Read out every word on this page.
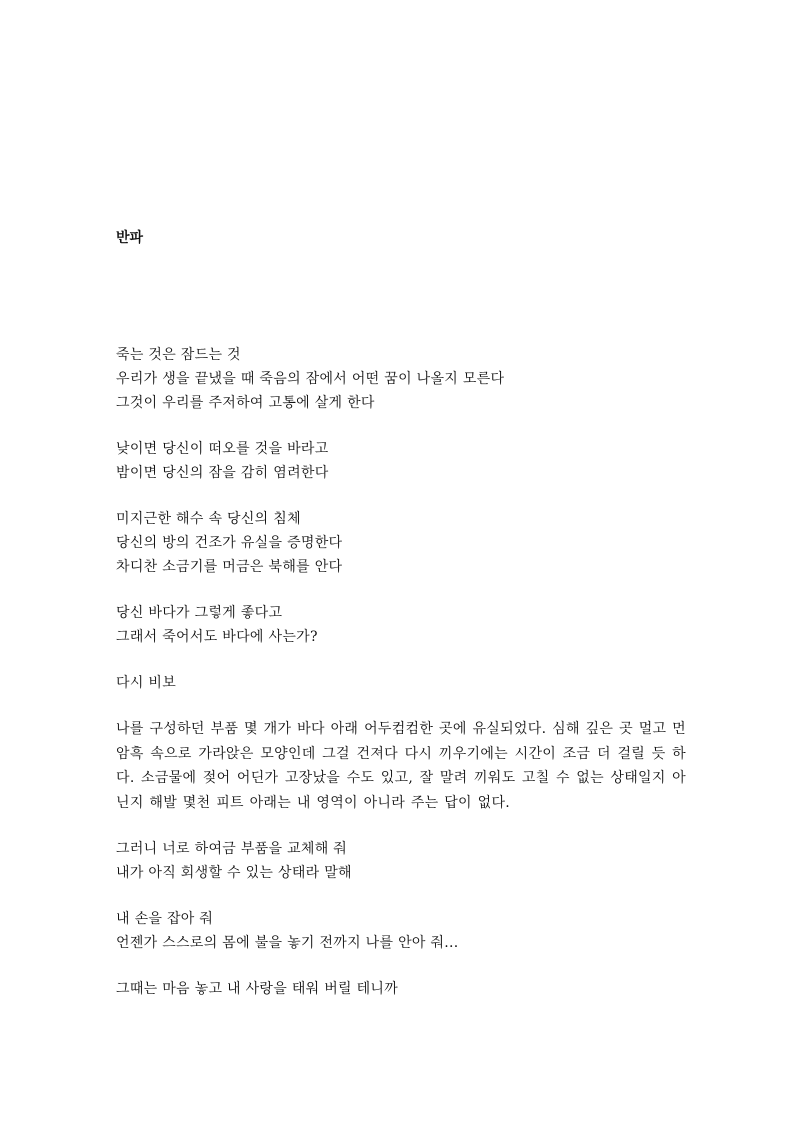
반파
죽는 것은 잠드는 것
우리가 생을 끝냈을 때 죽음의 잠에서 어떤 꿈이 나올지 모른다
그것이 우리를 주저하여 고통에 살게 한다
낮이면 당신이 떠오를 것을 바라고
밤이면 당신의 잠을 감히 염려한다
미지근한 해수 속 당신의 침체
당신의 방의 건조가 유실을 증명한다
차디찬 소금기를 머금은 북해를 안다
당신 바다가 그렇게 좋다고
그래서 죽어서도 바다에 사는가?
다시 비보

나를 구성하던 부품 몇 개가 바다 아래 어두컴컴한 곳에 유실되었다. 심해 깊은 곳 멀고 먼 암흑 속으로 가라앉은 모양인데 그걸 건져다 다시 끼우기에는 시간이 조금 더 걸릴 듯 하다. 소금물에 젖어 어딘가 고장났을 수도 있고, 잘 말려 끼워도 고칠 수 없는 상태일지 아닌지 해발 몇천 피트 아래는 내 영역이 아니라 주는 답이 없다.

그러니 너로 하여금 부품을 교체해 줘
내가 아직 회생할 수 있는 상태라 말해
내 손을 잡아 줘
언젠가 스스로의 몸에 불을 놓기 전까지 나를 안아 줘...
그때는 마음 놓고 내 사랑을 태워 버릴 테니까
